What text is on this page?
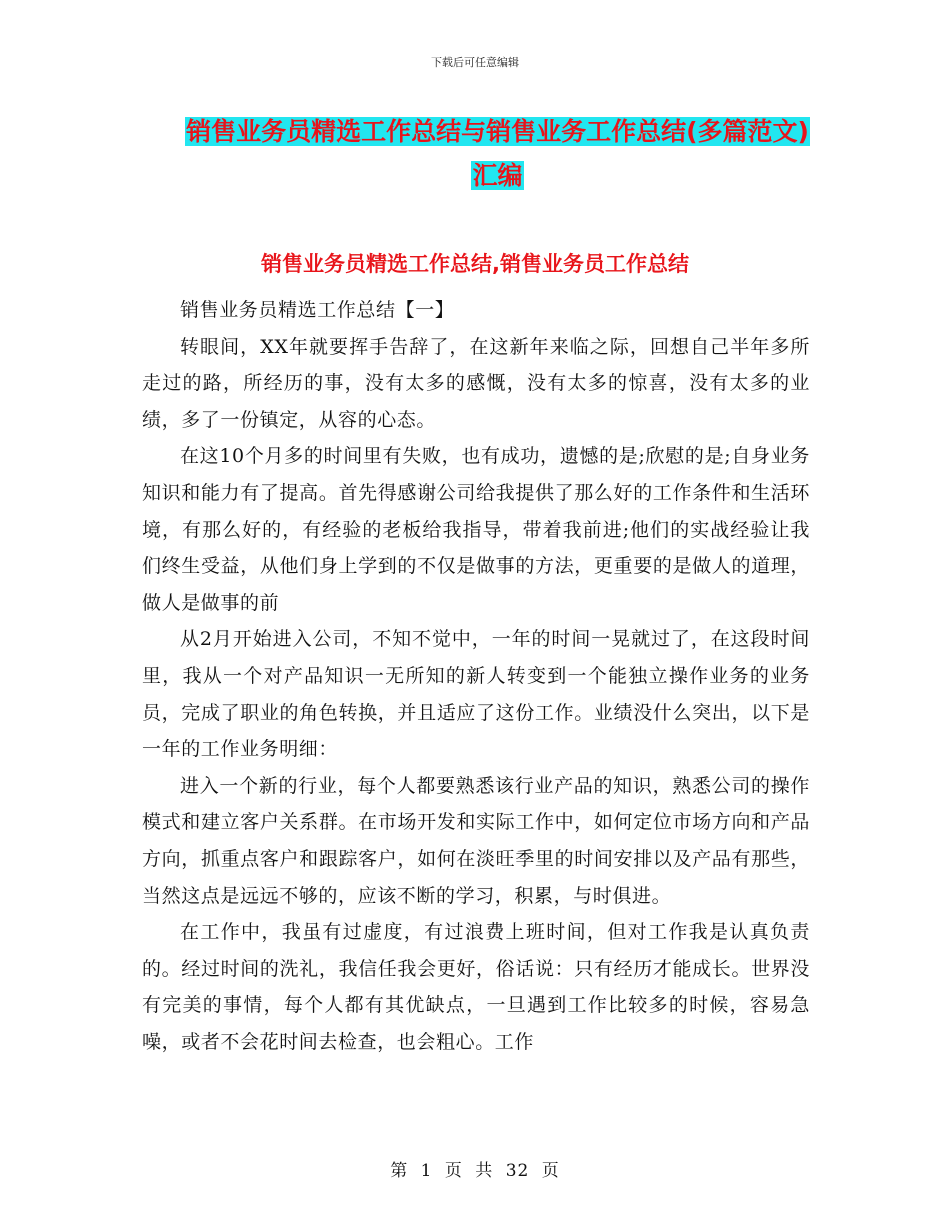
下载后可任意编辑
销售业务员精选工作总结与销售业务工作总结(多篇范文)汇编
销售业务员精选工作总结,销售业务员工作总结

销售业务员精选工作总结【一】

转眼间，XX年就要挥手告辞了，在这新年来临之际，回想自己半年多所走过的路，所经历的事，没有太多的感慨，没有太多的惊喜，没有太多的业绩，多了一份镇定，从容的心态。

在这10个月多的时间里有失败，也有成功，遗憾的是;欣慰的是;自身业务知识和能力有了提高。首先得感谢公司给我提供了那么好的工作条件和生活环境，有那么好的，有经验的老板给我指导，带着我前进;他们的实战经验让我们终生受益，从他们身上学到的不仅是做事的方法，更重要的是做人的道理，做人是做事的前

从2月开始进入公司，不知不觉中，一年的时间一晃就过了，在这段时间里，我从一个对产品知识一无所知的新人转变到一个能独立操作业务的业务员，完成了职业的角色转换，并且适应了这份工作。业绩没什么突出，以下是一年的工作业务明细：

进入一个新的行业，每个人都要熟悉该行业产品的知识，熟悉公司的操作模式和建立客户关系群。在市场开发和实际工作中，如何定位市场方向和产品方向，抓重点客户和跟踪客户，如何在淡旺季里的时间安排以及产品有那些，当然这点是远远不够的，应该不断的学习，积累，与时俱进。

在工作中，我虽有过虚度，有过浪费上班时间，但对工作我是认真负责的。经过时间的洗礼，我信任我会更好，俗话说：只有经历才能成长。世界没有完美的事情，每个人都有其优缺点，一旦遇到工作比较多的时候，容易急噪，或者不会花时间去检查，也会粗心。工作

第 1 页 共 32 页
